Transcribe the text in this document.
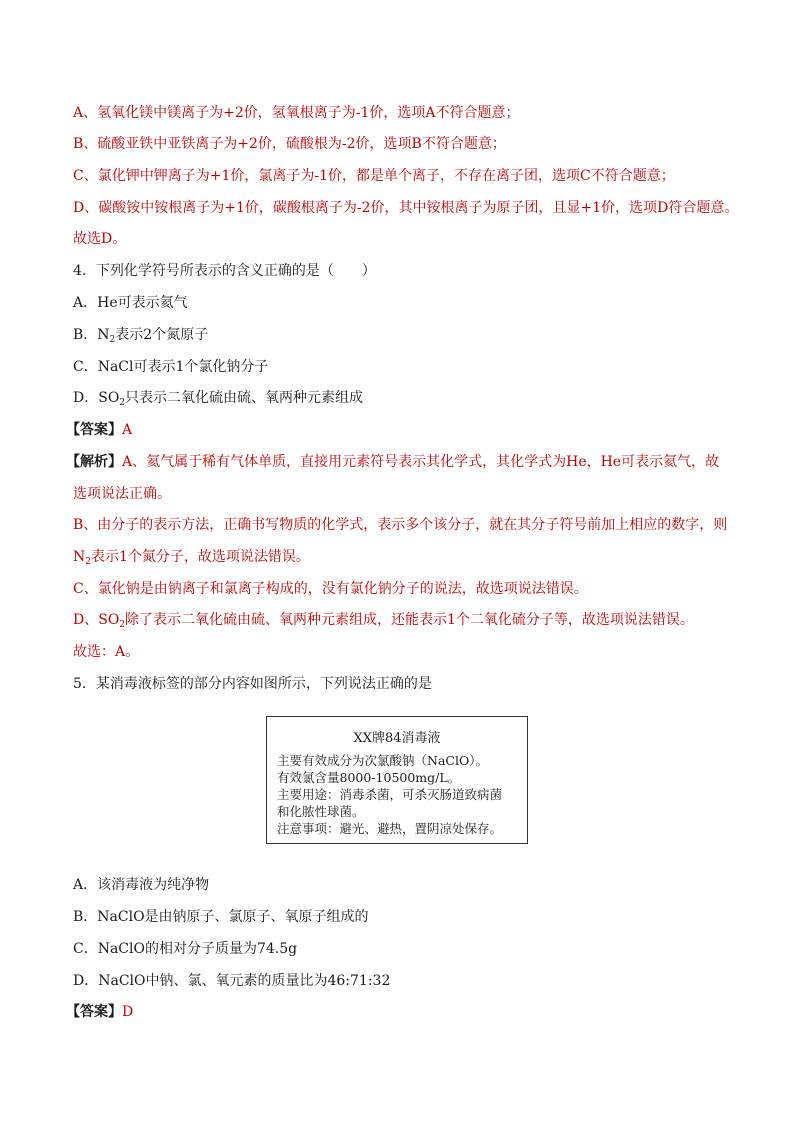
A、氢氧化镁中镁离子为+2价，氢氧根离子为-1价，选项A不符合题意；
B、硫酸亚铁中亚铁离子为+2价，硫酸根为-2价，选项B不符合题意；
C、氯化钾中钾离子为+1价，氯离子为-1价，都是单个离子，不存在离子团，选项C不符合题意；
D、碳酸铵中铵根离子为+1价，碳酸根离子为-2价，其中铵根离子为原子团，且显+1价，选项D符合题意。
故选D。
4．下列化学符号所表示的含义正确的是（　　）
A．He可表示氦气
B．$N_2$表示2个氮原子
C．NaCl可表示1个氯化钠分子
D．$SO_2$只表示二氧化硫由硫、氧两种元素组成
【答案】A
【解析】A、氦气属于稀有气体单质，直接用元素符号表示其化学式，其化学式为He，He可表示氦气，故
选项说法正确。
B、由分子的表示方法，正确书写物质的化学式，表示多个该分子，就在其分子符号前加上相应的数字，则
$N_2$表示1个氮分子，故选项说法错误。
C、氯化钠是由钠离子和氯离子构成的，没有氯化钠分子的说法，故选项说法错误。
D、$SO_2$除了表示二氧化硫由硫、氧两种元素组成，还能表示1个二氧化硫分子等，故选项说法错误。
故选：A。
5．某消毒液标签的部分内容如图所示，下列说法正确的是
XX牌84消毒液
主要有效成分为次氯酸钠（NaClO）。
有效氯含量8000-10500mg/L。
主要用途：消毒杀菌，可杀灭肠道致病菌
和化脓性球菌。
注意事项：避光、避热，置阴凉处保存。
A．该消毒液为纯净物
B．NaClO是由钠原子、氯原子、氧原子组成的
C．NaClO的相对分子质量为74.5g
D．NaClO中钠、氯、氧元素的质量比为46:71:32
【答案】D
